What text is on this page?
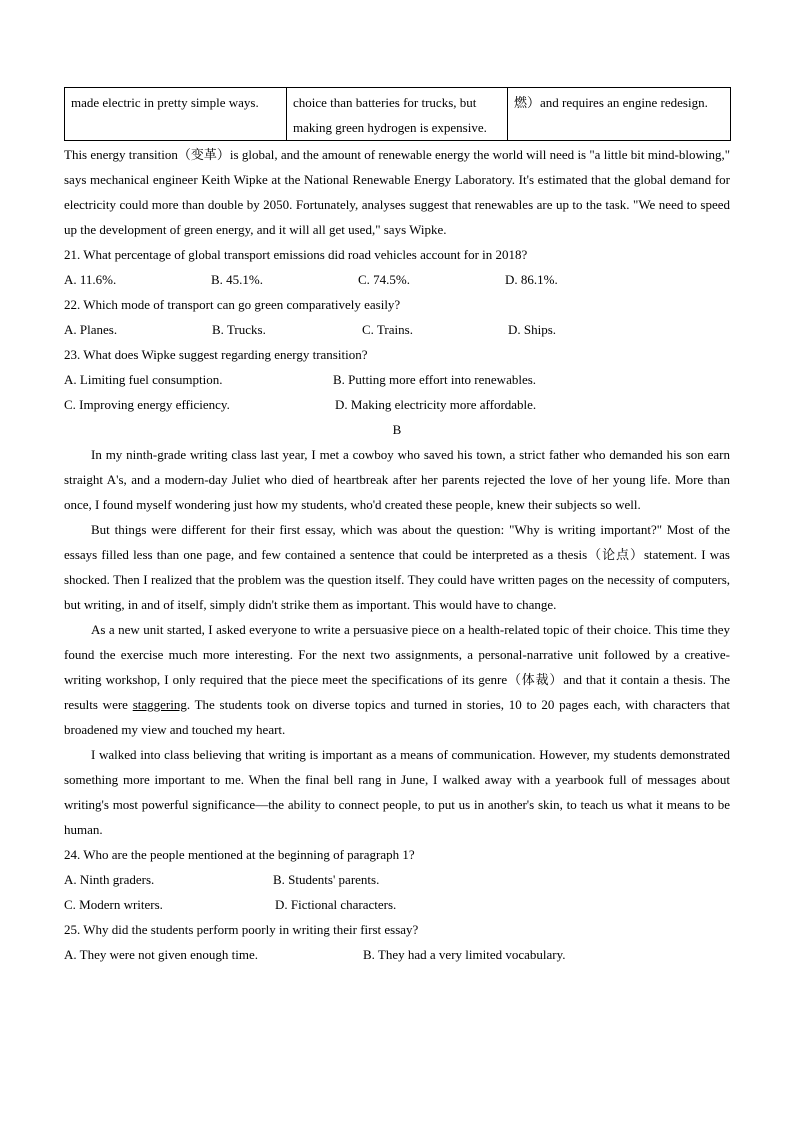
made electric in pretty simple ways.	choice than batteries for trucks, but making green hydrogen is expensive.	燃）and requires an engine redesign.
This energy transition（变革）is global, and the amount of renewable energy the world will need is "a little bit mind-blowing," says mechanical engineer Keith Wipke at the National Renewable Energy Laboratory. It's estimated that the global demand for electricity could more than double by 2050. Fortunately, analyses suggest that renewables are up to the task. "We need to speed up the development of green energy, and it will all get used," says Wipke.
21. What percentage of global transport emissions did road vehicles account for in 2018?
A. 11.6%.	B. 45.1%.	C. 74.5%.	D. 86.1%.
22. Which mode of transport can go green comparatively easily?
A. Planes.	B. Trucks.	C. Trains.	D. Ships.
23. What does Wipke suggest regarding energy transition?
A. Limiting fuel consumption.	B. Putting more effort into renewables.
C. Improving energy efficiency.	D. Making electricity more affordable.
B
In my ninth-grade writing class last year, I met a cowboy who saved his town, a strict father who demanded his son earn straight A's, and a modern-day Juliet who died of heartbreak after her parents rejected the love of her young life. More than once, I found myself wondering just how my students, who'd created these people, knew their subjects so well.
But things were different for their first essay, which was about the question: "Why is writing important?" Most of the essays filled less than one page, and few contained a sentence that could be interpreted as a thesis（论点）statement. I was shocked. Then I realized that the problem was the question itself. They could have written pages on the necessity of computers, but writing, in and of itself, simply didn't strike them as important. This would have to change.
As a new unit started, I asked everyone to write a persuasive piece on a health-related topic of their choice. This time they found the exercise much more interesting. For the next two assignments, a personal-narrative unit followed by a creative-writing workshop, I only required that the piece meet the specifications of its genre（体裁）and that it contain a thesis. The results were staggering. The students took on diverse topics and turned in stories, 10 to 20 pages each, with characters that broadened my view and touched my heart.
I walked into class believing that writing is important as a means of communication. However, my students demonstrated something more important to me. When the final bell rang in June, I walked away with a yearbook full of messages about writing's most powerful significance—the ability to connect people, to put us in another's skin, to teach us what it means to be human.
24. Who are the people mentioned at the beginning of paragraph 1?
A. Ninth graders.	B. Students' parents.
C. Modern writers.	D. Fictional characters.
25. Why did the students perform poorly in writing their first essay?
A. They were not given enough time.	B. They had a very limited vocabulary.
